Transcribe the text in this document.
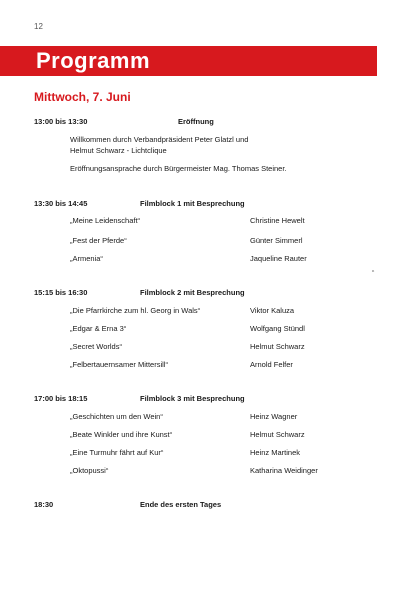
12
Programm
Mittwoch, 7. Juni
13:00 bis 13:30	Eröffnung
Willkommen durch Verbandpräsident Peter Glatzl und
Helmut Schwarz - Lichtclique
Eröffnungsansprache durch Bürgermeister Mag. Thomas Steiner.
13:30 bis 14:45	Filmblock 1 mit Besprechung
„Meine Leidenschaft“	Christine Hewelt
„Fest der Pferde“	Günter Simmerl
„Armenia“	Jaqueline Rauter
“
15:15 bis 16:30	Filmblock 2 mit Besprechung
„Die Pfarrkirche zum hl. Georg in Wals“	Viktor Kaluza
„Edgar & Erna 3“	Wolfgang Stündl
„Secret Worlds“	Helmut Schwarz
„Felbertauernsamer Mittersill“	Arnold Felfer
17:00 bis 18:15	Filmblock 3 mit Besprechung
„Geschichten um den Wein“	Heinz Wagner
„Beate Winkler und ihre Kunst“	Helmut Schwarz
„Eine Turmuhr fährt auf Kur“	Heinz Martinek
„Oktopussi“	Katharina Weidinger
18:30	Ende des ersten Tages
